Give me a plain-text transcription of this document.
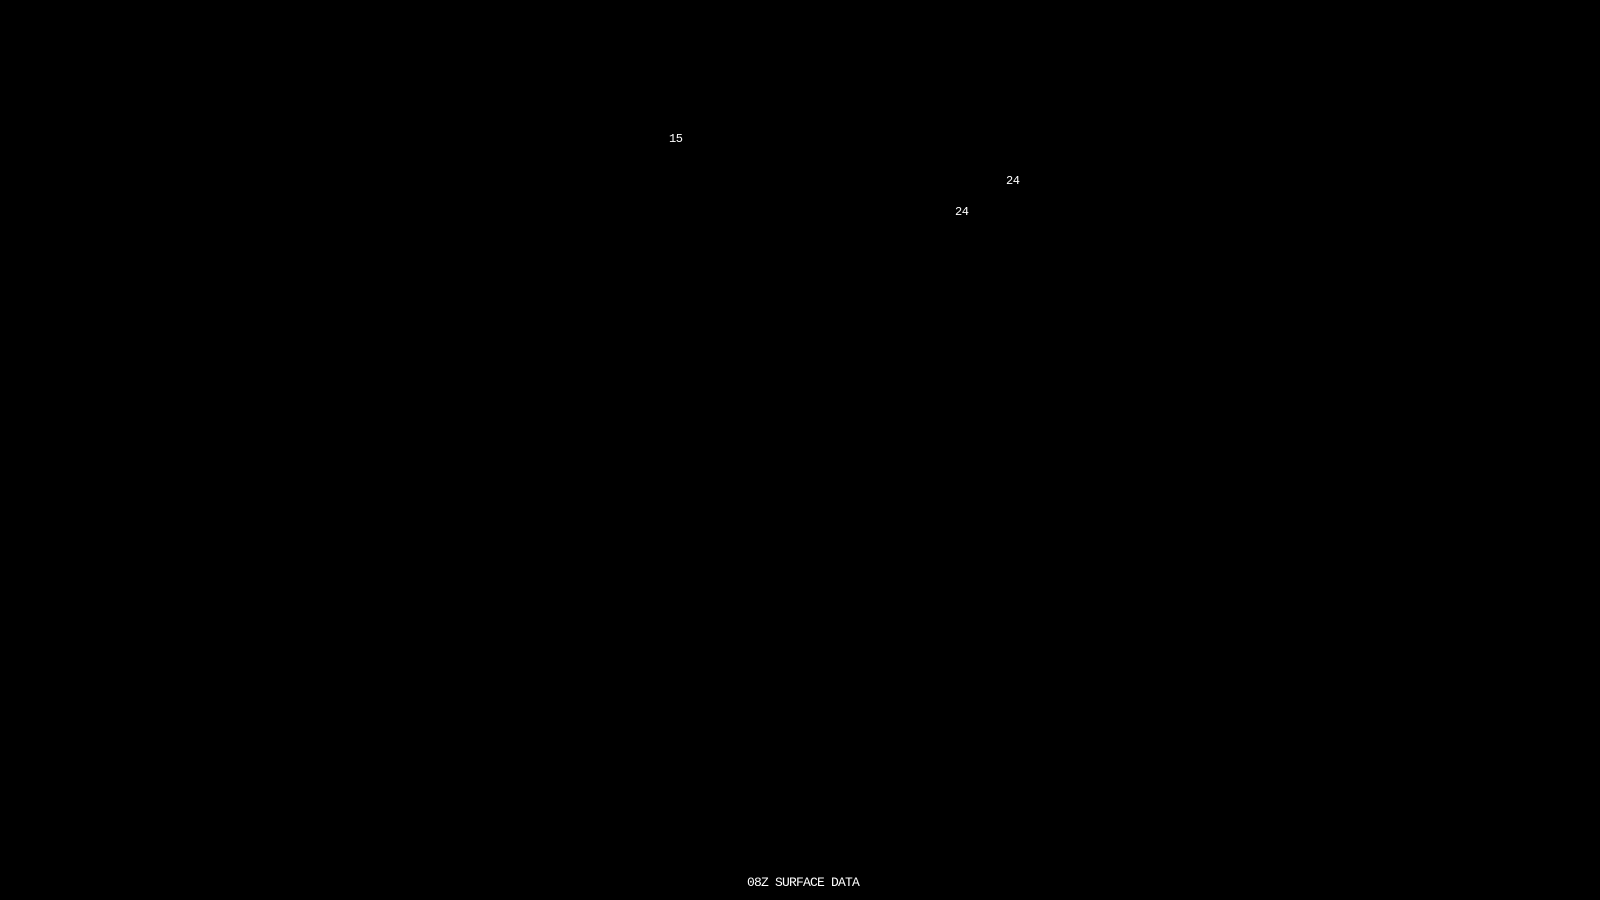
15
24
24
08Z SURFACE DATA
